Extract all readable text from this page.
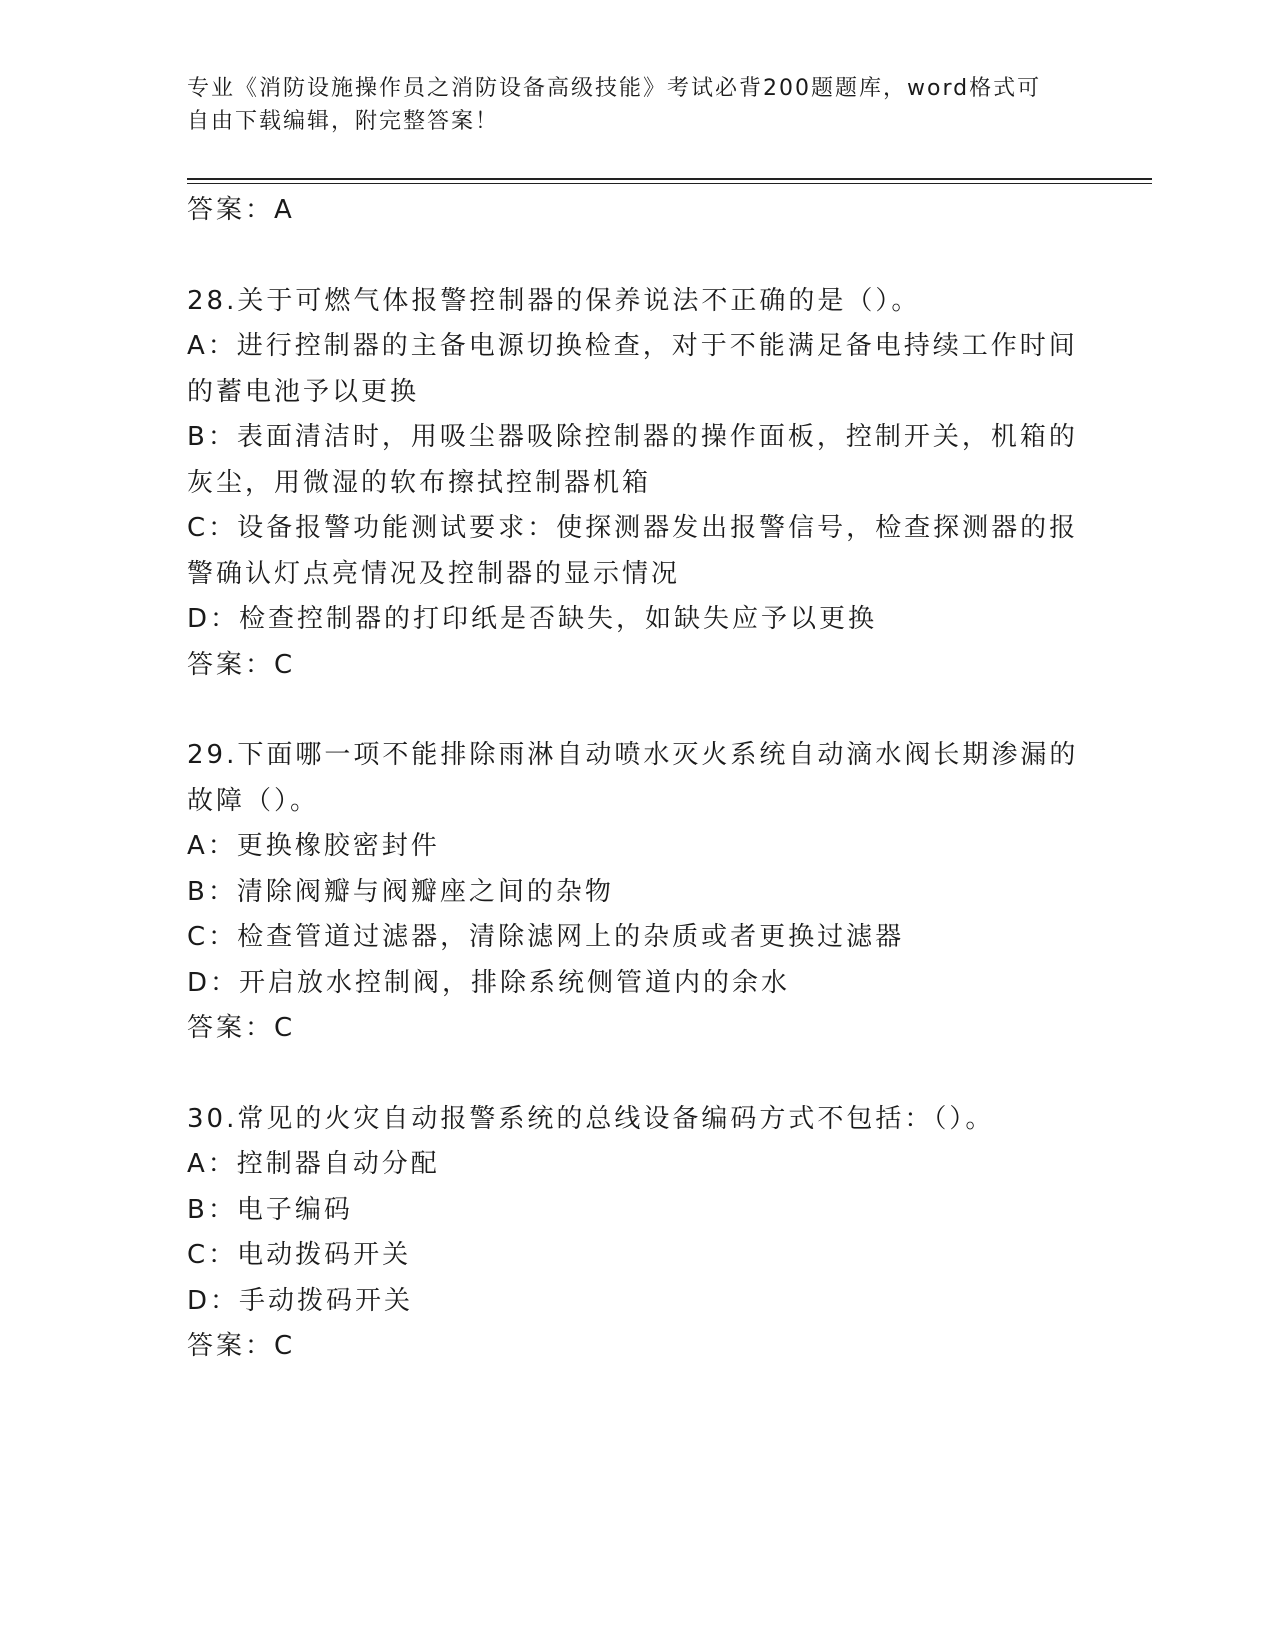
专业《消防设施操作员之消防设备高级技能》考试必背200题题库，word格式可
自由下载编辑，附完整答案！
答案：A
28.关于可燃气体报警控制器的保养说法不正确的是（）。
A：进行控制器的主备电源切换检查，对于不能满足备电持续工作时间
的蓄电池予以更换
B：表面清洁时，用吸尘器吸除控制器的操作面板，控制开关，机箱的
灰尘，用微湿的软布擦拭控制器机箱
C：设备报警功能测试要求：使探测器发出报警信号，检查探测器的报
警确认灯点亮情况及控制器的显示情况
D：检查控制器的打印纸是否缺失，如缺失应予以更换
答案：C
29.下面哪一项不能排除雨淋自动喷水灭火系统自动滴水阀长期渗漏的
故障（）。
A：更换橡胶密封件
B：清除阀瓣与阀瓣座之间的杂物
C：检查管道过滤器，清除滤网上的杂质或者更换过滤器
D：开启放水控制阀，排除系统侧管道内的余水
答案：C
30.常见的火灾自动报警系统的总线设备编码方式不包括：（）。
A：控制器自动分配
B：电子编码
C：电动拨码开关
D：手动拨码开关
答案：C
